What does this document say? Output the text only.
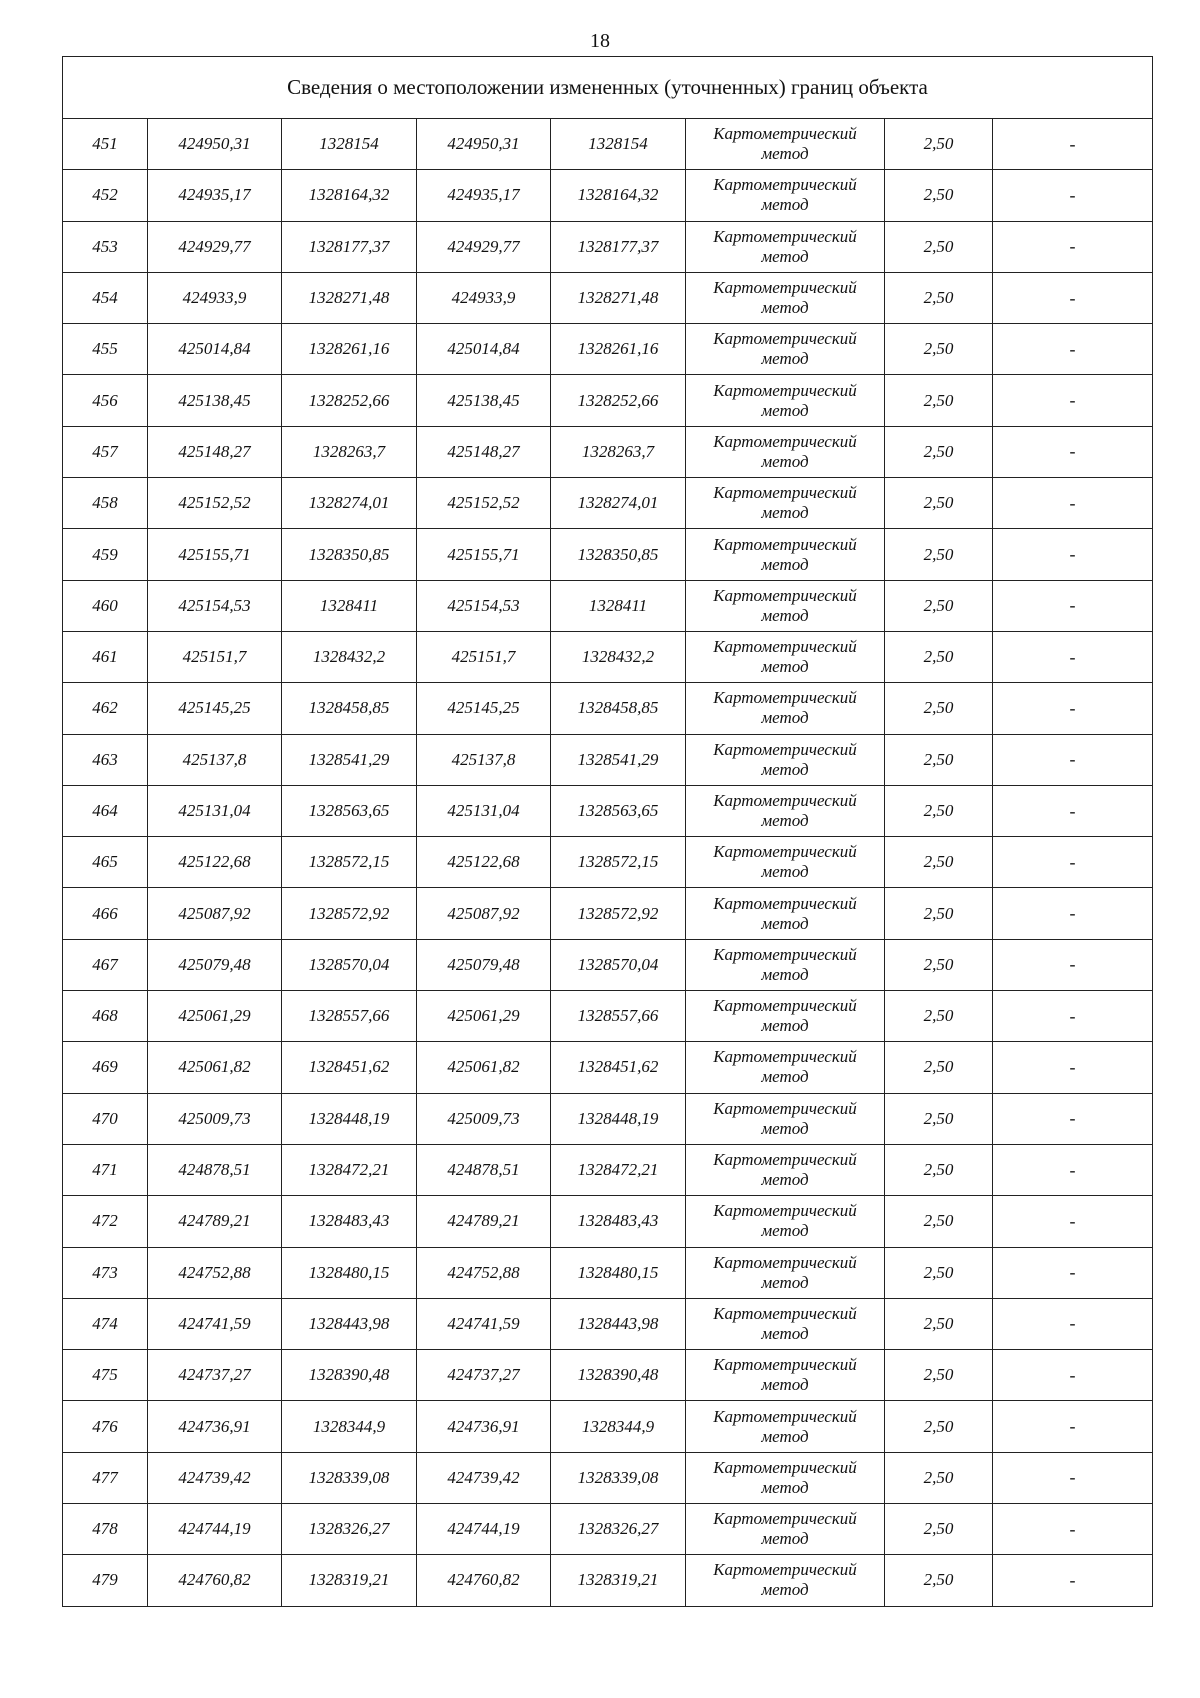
18
Сведения о местоположении измененных (уточненных) границ объекта							
451	424950,31	1328154	424950,31	1328154	Картометрический
метод	2,50	-
452	424935,17	1328164,32	424935,17	1328164,32	Картометрический
метод	2,50	-
453	424929,77	1328177,37	424929,77	1328177,37	Картометрический
метод	2,50	-
454	424933,9	1328271,48	424933,9	1328271,48	Картометрический
метод	2,50	-
455	425014,84	1328261,16	425014,84	1328261,16	Картометрический
метод	2,50	-
456	425138,45	1328252,66	425138,45	1328252,66	Картометрический
метод	2,50	-
457	425148,27	1328263,7	425148,27	1328263,7	Картометрический
метод	2,50	-
458	425152,52	1328274,01	425152,52	1328274,01	Картометрический
метод	2,50	-
459	425155,71	1328350,85	425155,71	1328350,85	Картометрический
метод	2,50	-
460	425154,53	1328411	425154,53	1328411	Картометрический
метод	2,50	-
461	425151,7	1328432,2	425151,7	1328432,2	Картометрический
метод	2,50	-
462	425145,25	1328458,85	425145,25	1328458,85	Картометрический
метод	2,50	-
463	425137,8	1328541,29	425137,8	1328541,29	Картометрический
метод	2,50	-
464	425131,04	1328563,65	425131,04	1328563,65	Картометрический
метод	2,50	-
465	425122,68	1328572,15	425122,68	1328572,15	Картометрический
метод	2,50	-
466	425087,92	1328572,92	425087,92	1328572,92	Картометрический
метод	2,50	-
467	425079,48	1328570,04	425079,48	1328570,04	Картометрический
метод	2,50	-
468	425061,29	1328557,66	425061,29	1328557,66	Картометрический
метод	2,50	-
469	425061,82	1328451,62	425061,82	1328451,62	Картометрический
метод	2,50	-
470	425009,73	1328448,19	425009,73	1328448,19	Картометрический
метод	2,50	-
471	424878,51	1328472,21	424878,51	1328472,21	Картометрический
метод	2,50	-
472	424789,21	1328483,43	424789,21	1328483,43	Картометрический
метод	2,50	-
473	424752,88	1328480,15	424752,88	1328480,15	Картометрический
метод	2,50	-
474	424741,59	1328443,98	424741,59	1328443,98	Картометрический
метод	2,50	-
475	424737,27	1328390,48	424737,27	1328390,48	Картометрический
метод	2,50	-
476	424736,91	1328344,9	424736,91	1328344,9	Картометрический
метод	2,50	-
477	424739,42	1328339,08	424739,42	1328339,08	Картометрический
метод	2,50	-
478	424744,19	1328326,27	424744,19	1328326,27	Картометрический
метод	2,50	-
479	424760,82	1328319,21	424760,82	1328319,21	Картометрический
метод	2,50	-
